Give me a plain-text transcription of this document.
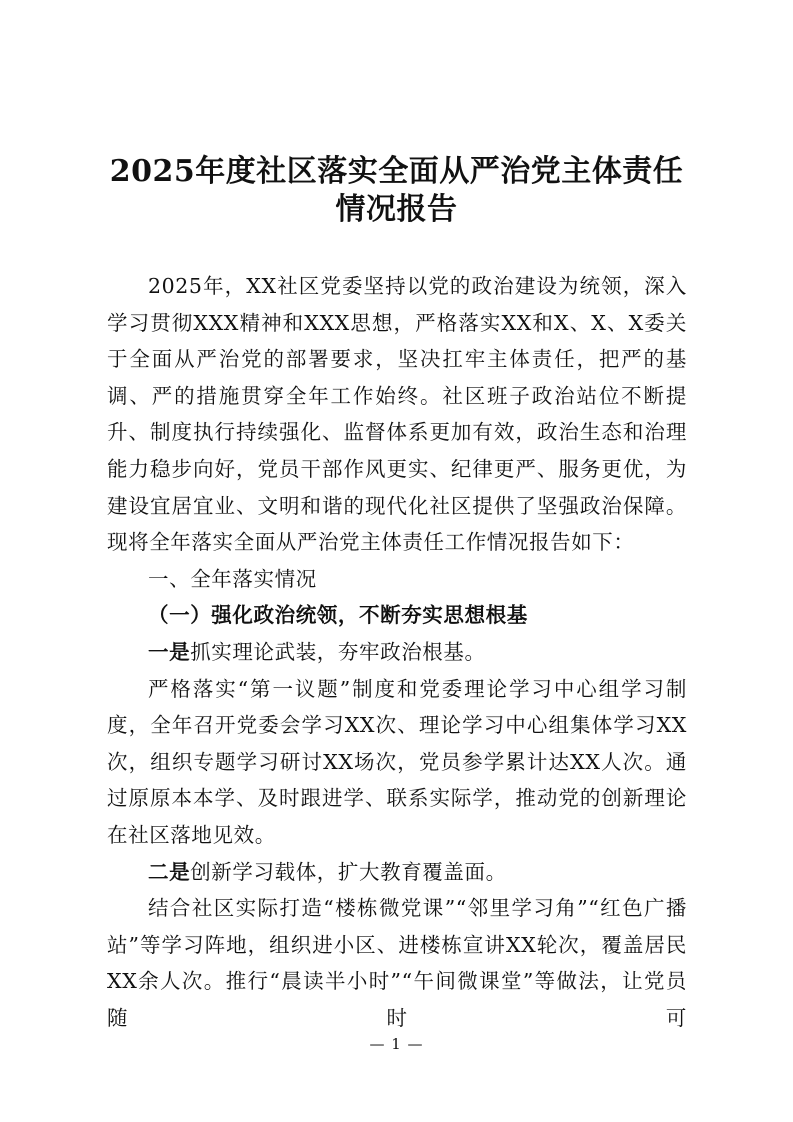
2025年度社区落实全面从严治党主体责任
情况报告

2025年，XX社区党委坚持以党的政治建设为统领，深入学习贯彻XXX精神和XXX思想，严格落实XX和X、X、X委关于全面从严治党的部署要求，坚决扛牢主体责任，把严的基调、严的措施贯穿全年工作始终。社区班子政治站位不断提升、制度执行持续强化、监督体系更加有效，政治生态和治理能力稳步向好，党员干部作风更实、纪律更严、服务更优，为建设宜居宜业、文明和谐的现代化社区提供了坚强政治保障。现将全年落实全面从严治党主体责任工作情况报告如下：

一、全年落实情况

（一）强化政治统领，不断夯实思想根基

一是抓实理论武装，夯牢政治根基。

严格落实“第一议题”制度和党委理论学习中心组学习制度，全年召开党委会学习XX次、理论学习中心组集体学习XX次，组织专题学习研讨XX场次，党员参学累计达XX人次。通过原原本本学、及时跟进学、联系实际学，推动党的创新理论在社区落地见效。

二是创新学习载体，扩大教育覆盖面。

结合社区实际打造“楼栋微党课”“邻里学习角”“红色广播站”等学习阵地，组织进小区、进楼栋宣讲XX轮次，覆盖居民XX余人次。推行“晨读半小时”“午间微课堂”等做法，让党员随时可

— 1 —
